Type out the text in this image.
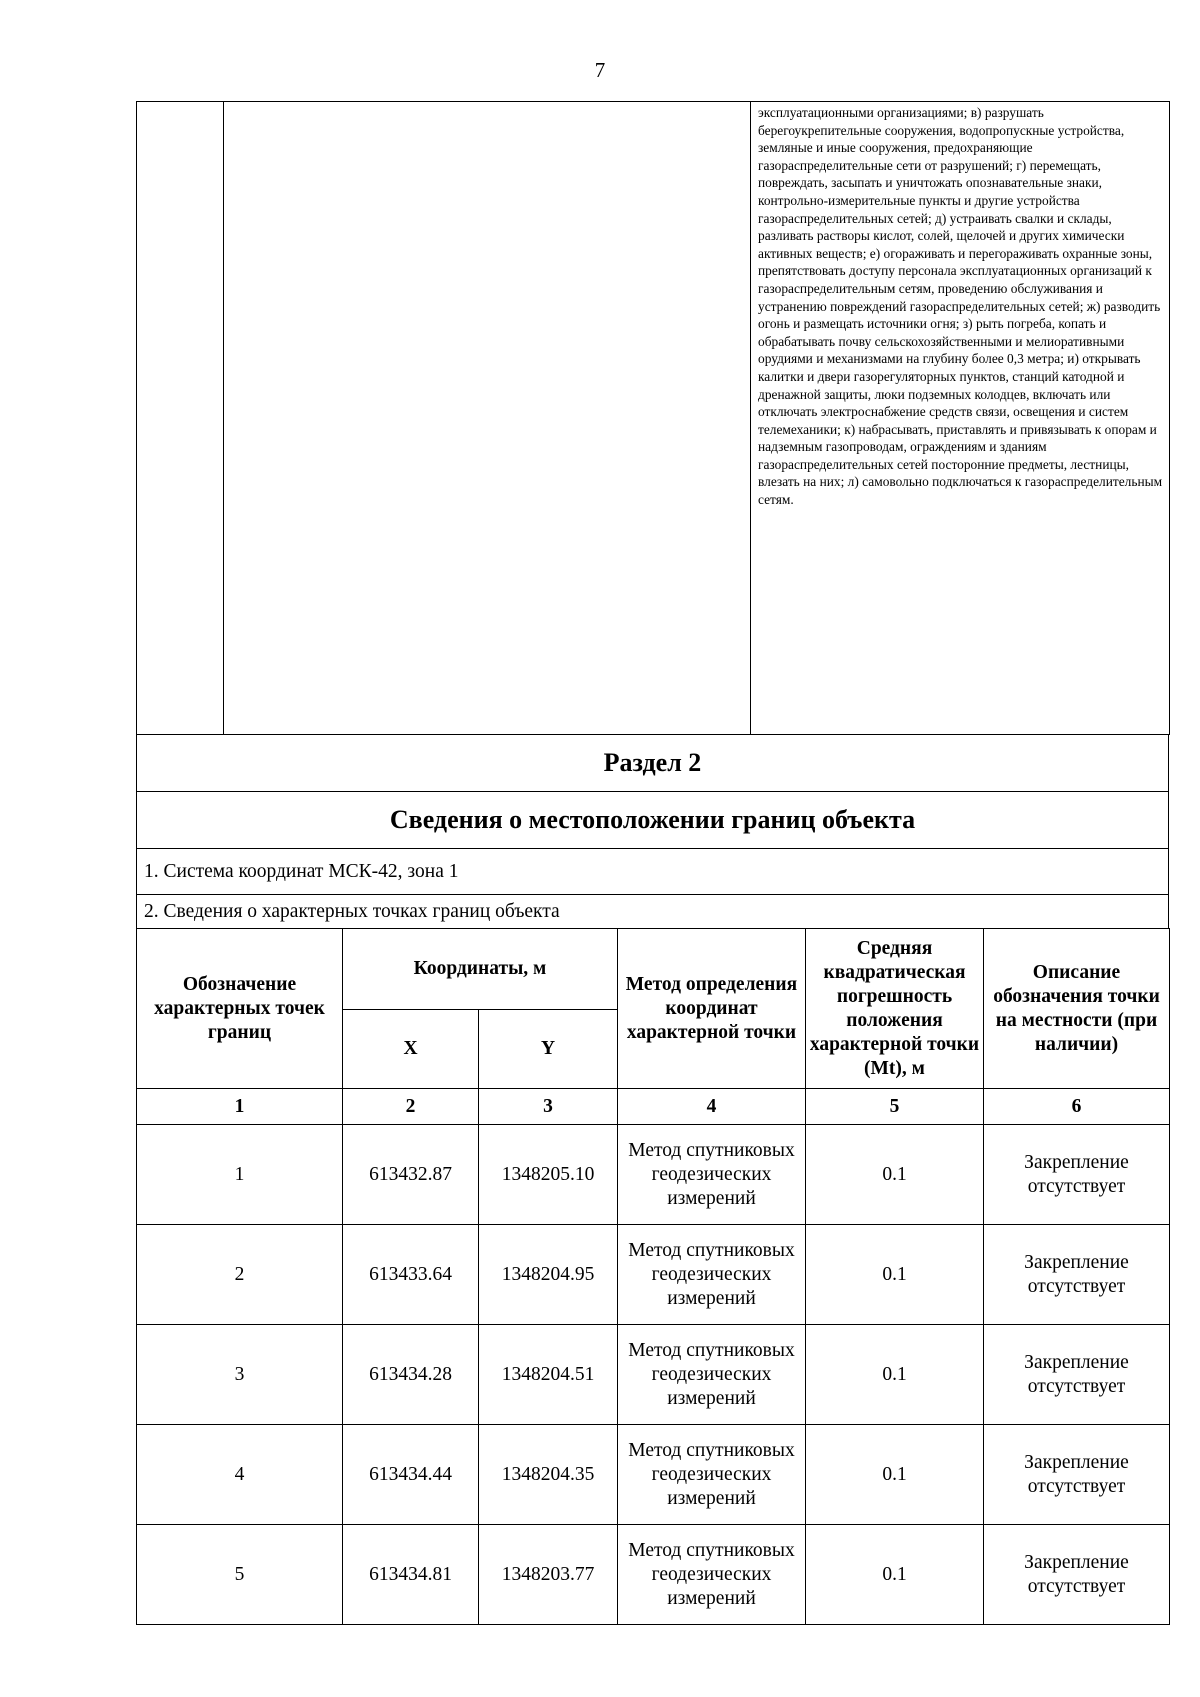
7

эксплуатационными организациями; в) разрушать берегоукрепительные сооружения, водопропускные устройства, земляные и иные сооружения, предохраняющие газораспределительные сети от разрушений; г) перемещать, повреждать, засыпать и уничтожать опознавательные знаки, контрольно-измерительные пункты и другие устройства газораспределительных сетей; д) устраивать свалки и склады, разливать растворы кислот, солей, щелочей и других химически активных веществ; е) огораживать и перегораживать охранные зоны, препятствовать доступу персонала эксплуатационных организаций к газораспределительным сетям, проведению обслуживания и устранению повреждений газораспределительных сетей; ж) разводить огонь и размещать источники огня; з) рыть погреба, копать и обрабатывать почву сельскохозяйственными и мелиоративными орудиями и механизмами на глубину более 0,3 метра; и) открывать калитки и двери газорегуляторных пунктов, станций катодной и дренажной защиты, люки подземных колодцев, включать или отключать электроснабжение средств связи, освещения и систем телемеханики; к) набрасывать, приставлять и привязывать к опорам и надземным газопроводам, ограждениям и зданиям газораспределительных сетей посторонние предметы, лестницы, влезать на них; л) самовольно подключаться к газораспределительным сетям.
Раздел 2
Сведения о местоположении границ объекта
1. Система координат МСК-42, зона 1
2. Сведения о характерных точках границ объекта
Обозначение характерных точек границ	Координаты, м		Метод определения координат характерной точки	Средняя квадратическая погрешность положения характерной точки (Mt), м	Описание обозначения точки на местности (при наличии)
	X	Y			
1	2	3	4	5	6
1	613432.87	1348205.10	Метод спутниковых геодезических измерений	0.1	Закрепление отсутствует
2	613433.64	1348204.95	Метод спутниковых геодезических измерений	0.1	Закрепление отсутствует
3	613434.28	1348204.51	Метод спутниковых геодезических измерений	0.1	Закрепление отсутствует
4	613434.44	1348204.35	Метод спутниковых геодезических измерений	0.1	Закрепление отсутствует
5	613434.81	1348203.77	Метод спутниковых геодезических измерений	0.1	Закрепление отсутствует
